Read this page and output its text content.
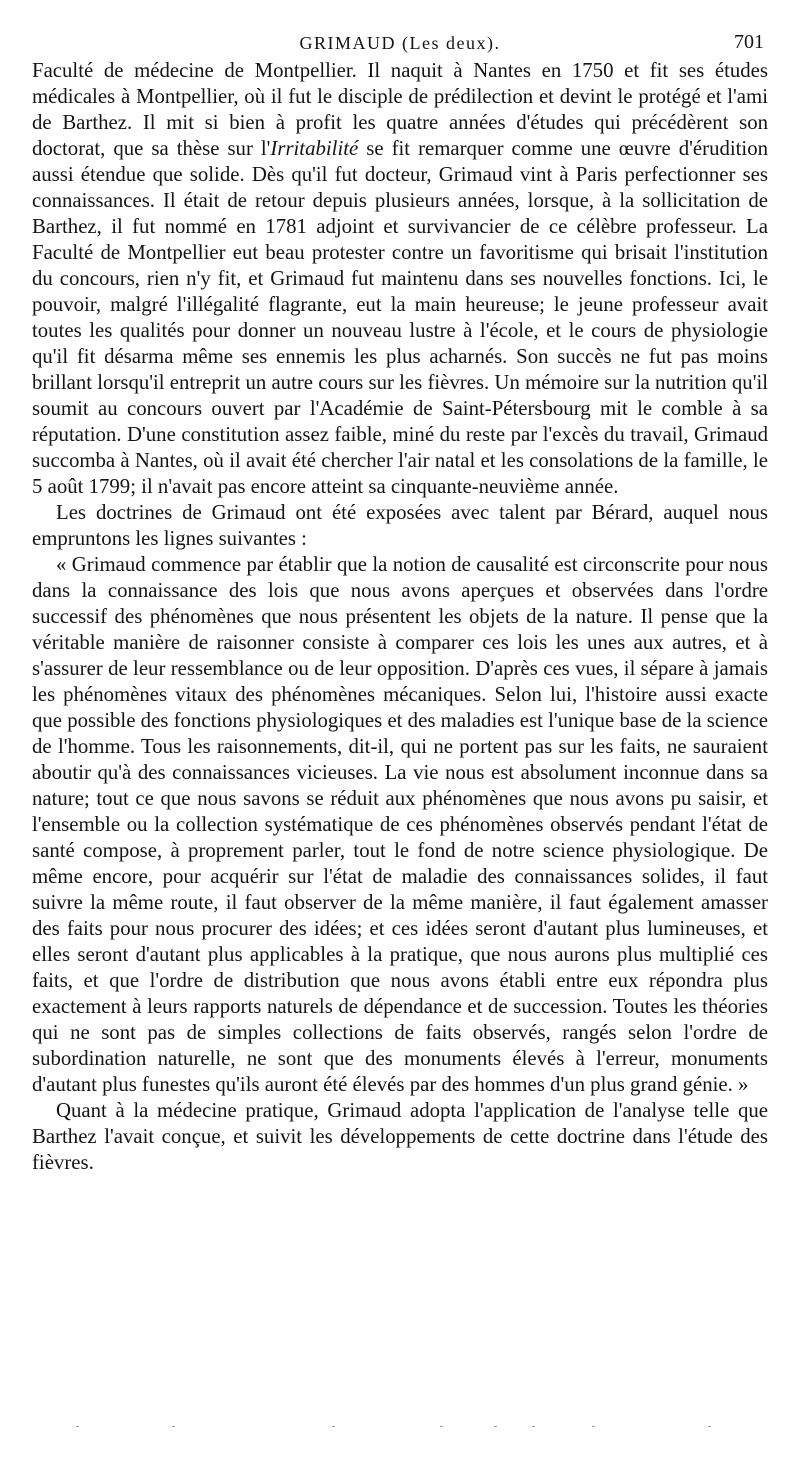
GRIMAUD (Les deux).	701

Faculté de médecine de Montpellier. Il naquit à Nantes en 1750 et fit ses études médicales à Montpellier, où il fut le disciple de prédilection et devint le protégé et l'ami de Barthez. Il mit si bien à profit les quatre années d'études qui précédèrent son doctorat, que sa thèse sur l'Irritabilité se fit remarquer comme une œuvre d'érudition aussi étendue que solide. Dès qu'il fut docteur, Grimaud vint à Paris perfectionner ses connaissances. Il était de retour depuis plusieurs années, lorsque, à la sollicitation de Barthez, il fut nommé en 1781 adjoint et survivancier de ce célèbre professeur. La Faculté de Montpellier eut beau protester contre un favoritisme qui brisait l'institution du concours, rien n'y fit, et Grimaud fut maintenu dans ses nouvelles fonctions. Ici, le pouvoir, malgré l'illégalité flagrante, eut la main heureuse; le jeune professeur avait toutes les qualités pour donner un nouveau lustre à l'école, et le cours de physiologie qu'il fit désarma même ses ennemis les plus acharnés. Son succès ne fut pas moins brillant lorsqu'il entreprit un autre cours sur les fièvres. Un mémoire sur la nutrition qu'il soumit au concours ouvert par l'Académie de Saint-Pétersbourg mit le comble à sa réputation. D'une constitution assez faible, miné du reste par l'excès du travail, Grimaud succomba à Nantes, où il avait été chercher l'air natal et les consolations de la famille, le 5 août 1799; il n'avait pas encore atteint sa cinquante-neuvième année.

Les doctrines de Grimaud ont été exposées avec talent par Bérard, auquel nous empruntons les lignes suivantes :

« Grimaud commence par établir que la notion de causalité est circonscrite pour nous dans la connaissance des lois que nous avons aperçues et observées dans l'ordre successif des phénomènes que nous présentent les objets de la nature. Il pense que la véritable manière de raisonner consiste à comparer ces lois les unes aux autres, et à s'assurer de leur ressemblance ou de leur opposition. D'après ces vues, il sépare à jamais les phénomènes vitaux des phénomènes mécaniques. Selon lui, l'histoire aussi exacte que possible des fonctions physiologiques et des maladies est l'unique base de la science de l'homme. Tous les raisonnements, dit-il, qui ne portent pas sur les faits, ne sauraient aboutir qu'à des connaissances vicieuses. La vie nous est absolument inconnue dans sa nature; tout ce que nous savons se réduit aux phénomènes que nous avons pu saisir, et l'ensemble ou la collection systématique de ces phénomènes observés pendant l'état de santé compose, à proprement parler, tout le fond de notre science physiologique. De même encore, pour acquérir sur l'état de maladie des connaissances solides, il faut suivre la même route, il faut observer de la même manière, il faut également amasser des faits pour nous procurer des idées; et ces idées seront d'autant plus lumineuses, et elles seront d'autant plus applicables à la pratique, que nous aurons plus multiplié ces faits, et que l'ordre de distribution que nous avons établi entre eux répondra plus exactement à leurs rapports naturels de dépendance et de succession. Toutes les théories qui ne sont pas de simples collections de faits observés, rangés selon l'ordre de subordination naturelle, ne sont que des monuments élevés à l'erreur, monuments d'autant plus funestes qu'ils auront été élevés par des hommes d'un plus grand génie. »

Quant à la médecine pratique, Grimaud adopta l'application de l'analyse telle que Barthez l'avait conçue, et suivit les développements de cette doctrine dans l'étude des fièvres.
